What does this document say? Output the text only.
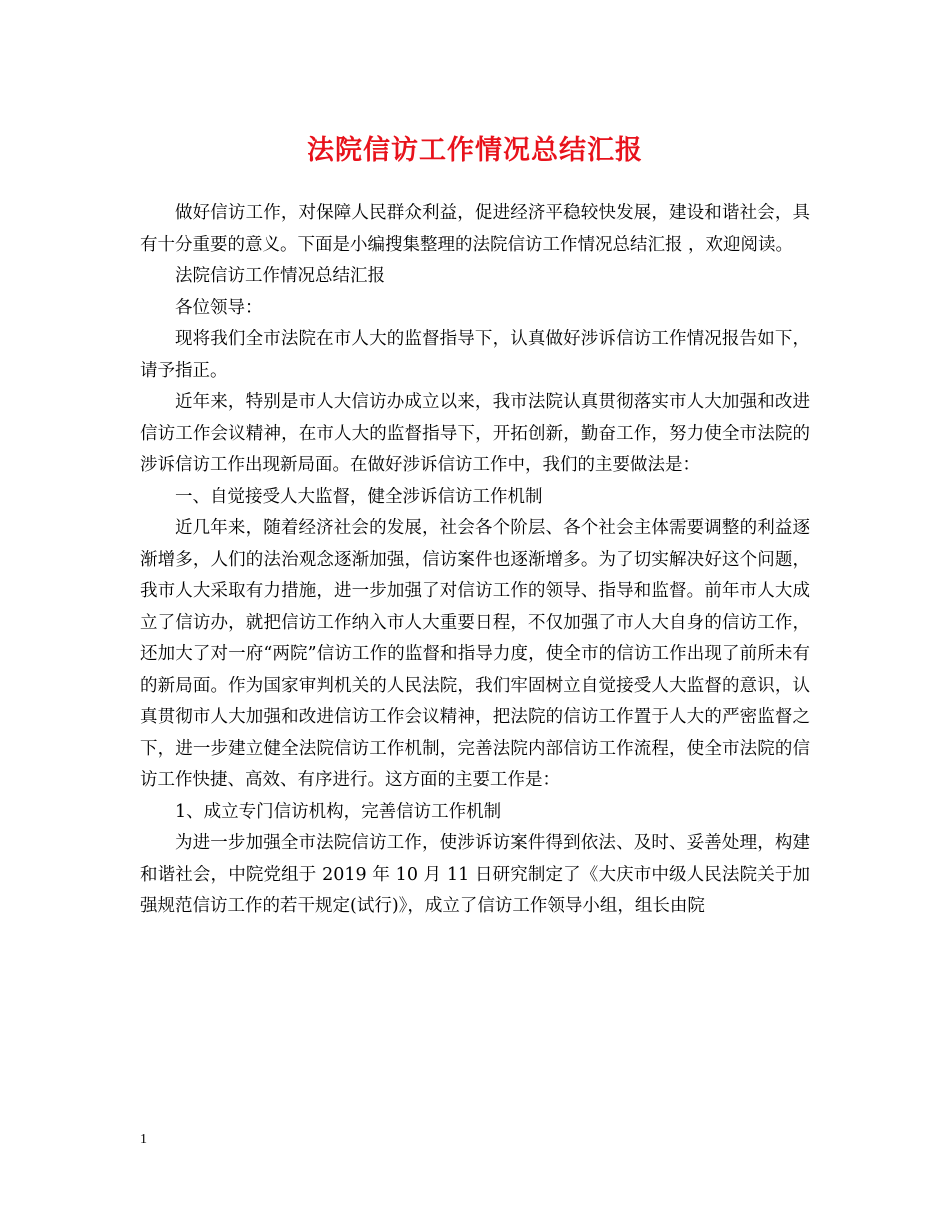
法院信访工作情况总结汇报

做好信访工作，对保障人民群众利益，促进经济平稳较快发展，建设和谐社会，具有十分重要的意义。下面是小编搜集整理的法院信访工作情况总结汇报 ，欢迎阅读。

法院信访工作情况总结汇报

各位领导：

现将我们全市法院在市人大的监督指导下，认真做好涉诉信访工作情况报告如下，请予指正。

近年来，特别是市人大信访办成立以来，我市法院认真贯彻落实市人大加强和改进信访工作会议精神，在市人大的监督指导下，开拓创新，勤奋工作，努力使全市法院的涉诉信访工作出现新局面。在做好涉诉信访工作中，我们的主要做法是：

一、自觉接受人大监督，健全涉诉信访工作机制

近几年来，随着经济社会的发展，社会各个阶层、各个社会主体需要调整的利益逐渐增多，人们的法治观念逐渐加强，信访案件也逐渐增多。为了切实解决好这个问题，我市人大采取有力措施，进一步加强了对信访工作的领导、指导和监督。前年市人大成立了信访办，就把信访工作纳入市人大重要日程，不仅加强了市人大自身的信访工作，还加大了对一府“两院”信访工作的监督和指导力度，使全市的信访工作出现了前所未有的新局面。作为国家审判机关的人民法院，我们牢固树立自觉接受人大监督的意识，认真贯彻市人大加强和改进信访工作会议精神，把法院的信访工作置于人大的严密监督之下，进一步建立健全法院信访工作机制，完善法院内部信访工作流程，使全市法院的信访工作快捷、高效、有序进行。这方面的主要工作是：

1、成立专门信访机构，完善信访工作机制

为进一步加强全市法院信访工作，使涉诉访案件得到依法、及时、妥善处理，构建和谐社会，中院党组于 2019 年 10 月 11 日研究制定了《大庆市中级人民法院关于加强规范信访工作的若干规定(试行)》，成立了信访工作领导小组，组长由院

1
